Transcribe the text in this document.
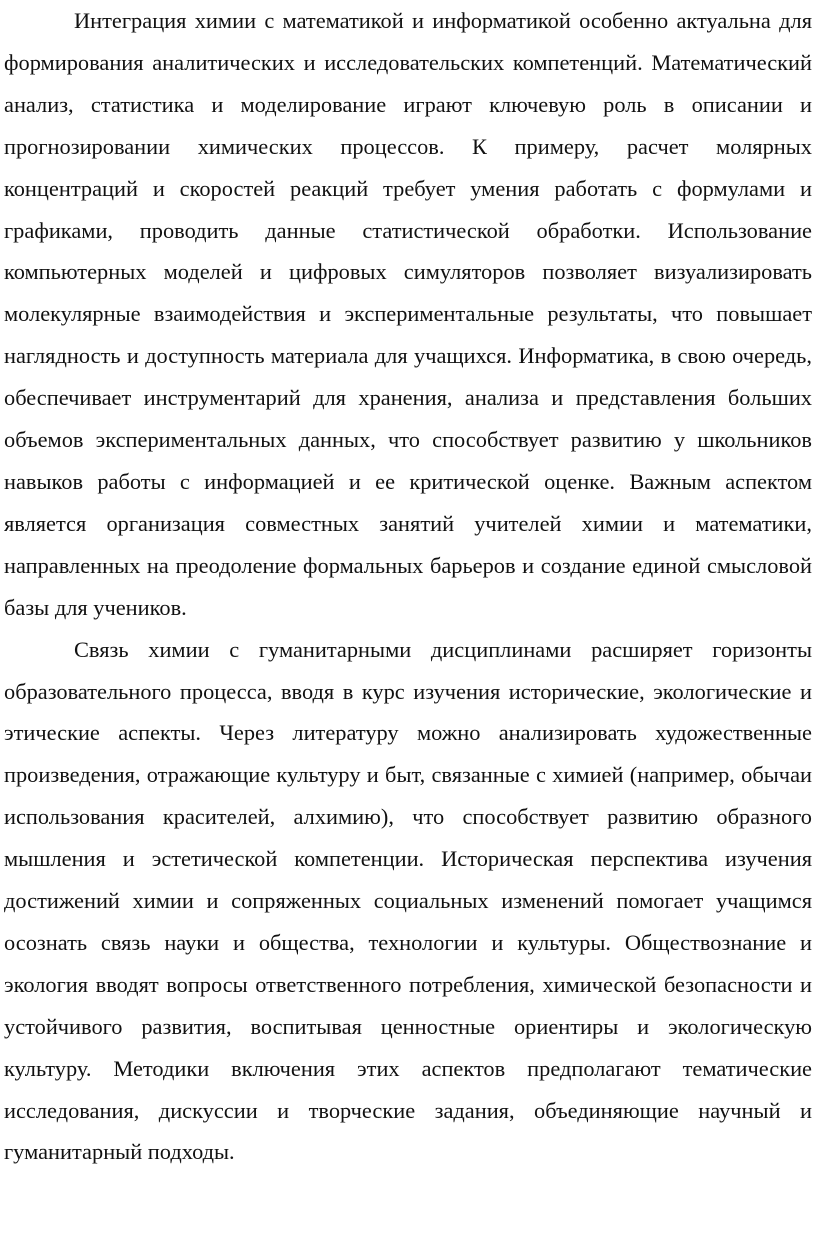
Интеграция химии с математикой и информатикой особенно актуальна для формирования аналитических и исследовательских компетенций. Математический анализ, статистика и моделирование играют ключевую роль в описании и прогнозировании химических процессов. К примеру, расчет молярных концентраций и скоростей реакций требует умения работать с формулами и графиками, проводить данные статистической обработки. Использование компьютерных моделей и цифровых симуляторов позволяет визуализировать молекулярные взаимодействия и экспериментальные результаты, что повышает наглядность и доступность материала для учащихся. Информатика, в свою очередь, обеспечивает инструментарий для хранения, анализа и представления больших объемов экспериментальных данных, что способствует развитию у школьников навыков работы с информацией и ее критической оценке. Важным аспектом является организация совместных занятий учителей химии и математики, направленных на преодоление формальных барьеров и создание единой смысловой базы для учеников.

Связь химии с гуманитарными дисциплинами расширяет горизонты образовательного процесса, вводя в курс изучения исторические, экологические и этические аспекты. Через литературу можно анализировать художественные произведения, отражающие культуру и быт, связанные с химией (например, обычаи использования красителей, алхимию), что способствует развитию образного мышления и эстетической компетенции. Историческая перспектива изучения достижений химии и сопряженных социальных изменений помогает учащимся осознать связь науки и общества, технологии и культуры. Обществознание и экология вводят вопросы ответственного потребления, химической безопасности и устойчивого развития, воспитывая ценностные ориентиры и экологическую культуру. Методики включения этих аспектов предполагают тематические исследования, дискуссии и творческие задания, объединяющие научный и гуманитарный подходы.
